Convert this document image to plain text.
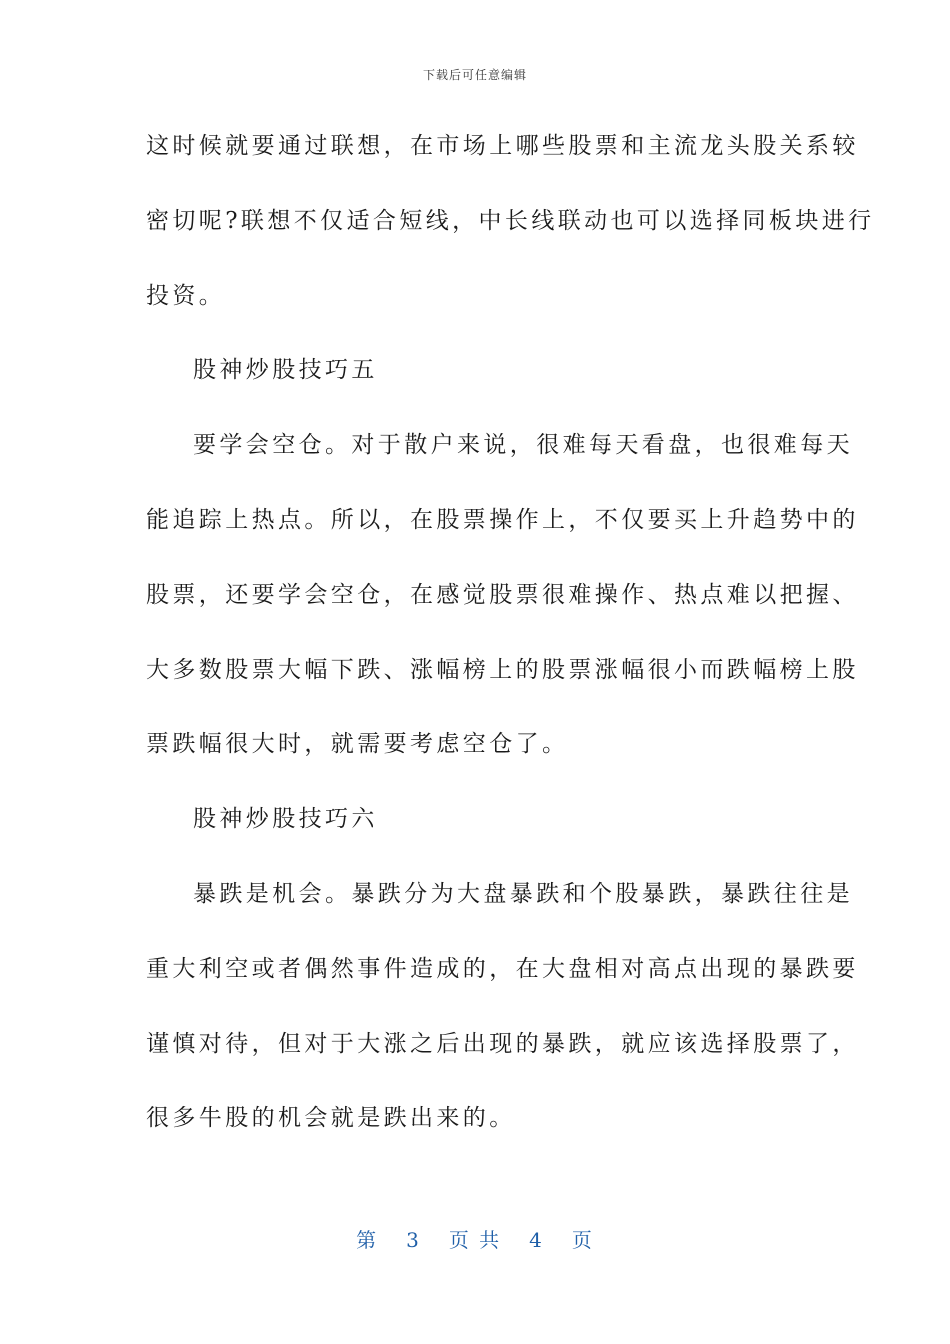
下载后可任意编辑
这时候就要通过联想，在市场上哪些股票和主流龙头股关系较
密切呢?联想不仅适合短线，中长线联动也可以选择同板块进行
投资。
股神炒股技巧五
要学会空仓。对于散户来说，很难每天看盘，也很难每天
能追踪上热点。所以，在股票操作上，不仅要买上升趋势中的
股票，还要学会空仓，在感觉股票很难操作、热点难以把握、
大多数股票大幅下跌、涨幅榜上的股票涨幅很小而跌幅榜上股
票跌幅很大时，就需要考虑空仓了。
股神炒股技巧六
暴跌是机会。暴跌分为大盘暴跌和个股暴跌，暴跌往往是
重大利空或者偶然事件造成的，在大盘相对高点出现的暴跌要
谨慎对待，但对于大涨之后出现的暴跌，就应该选择股票了，
很多牛股的机会就是跌出来的。
第 3 页 共 4 页
